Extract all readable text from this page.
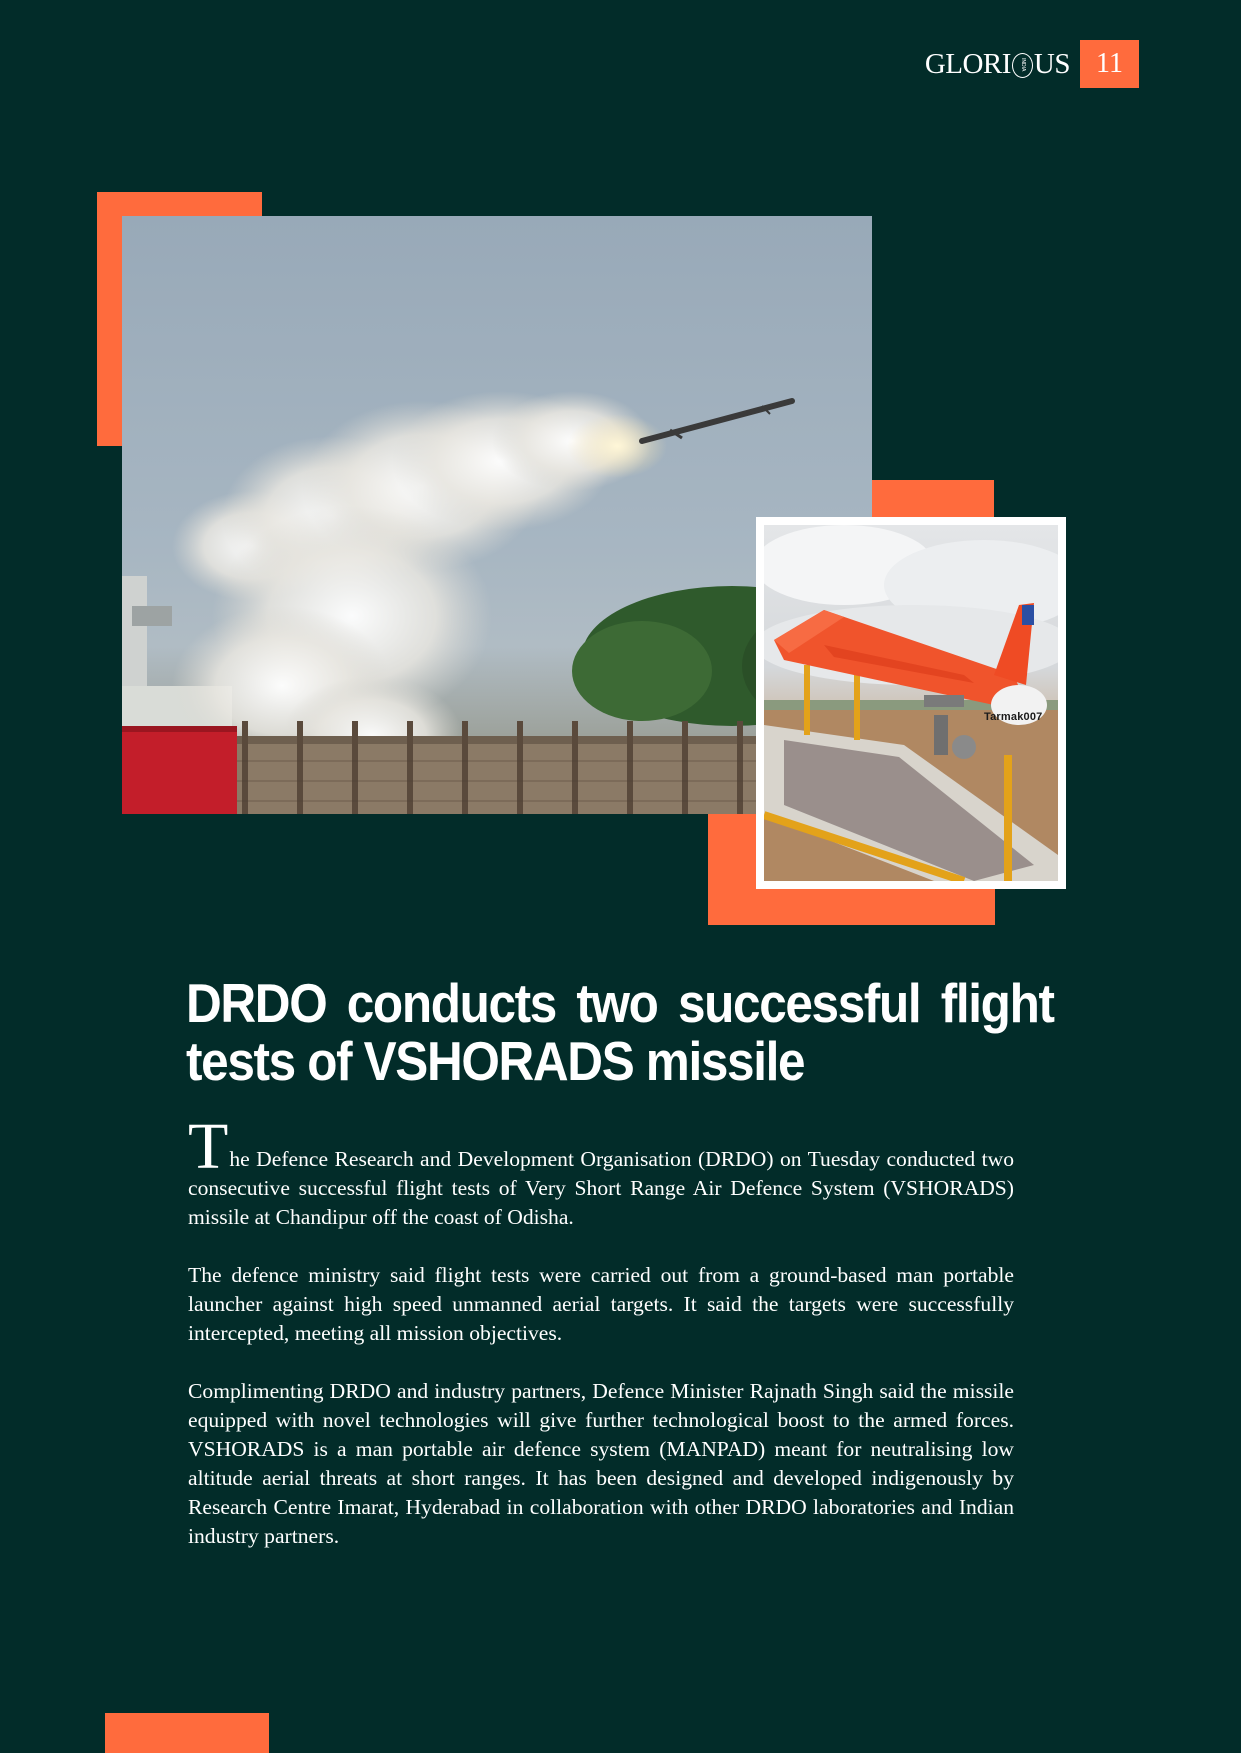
GLORI INDIA US 11
Tarmak007
DRDO conducts two successful flight tests of VSHORADS missile

The Defence Research and Development Organisation (DRDO) on Tuesday conducted two consecutive successful flight tests of Very Short Range Air Defence System (VSHORADS) missile at Chandipur off the coast of Odisha.

The defence ministry said flight tests were carried out from a ground-based man portable launcher against high speed unmanned aerial targets. It said the targets were successfully intercepted, meeting all mission objectives.

Complimenting DRDO and industry partners, Defence Minister Rajnath Singh said the missile equipped with novel technologies will give further technological boost to the armed forces. VSHORADS is a man portable air defence system (MANPAD) meant for neutralising low altitude aerial threats at short ranges. It has been designed and developed indigenously by Research Centre Imarat, Hyderabad in collaboration with other DRDO laboratories and Indian industry partners.
